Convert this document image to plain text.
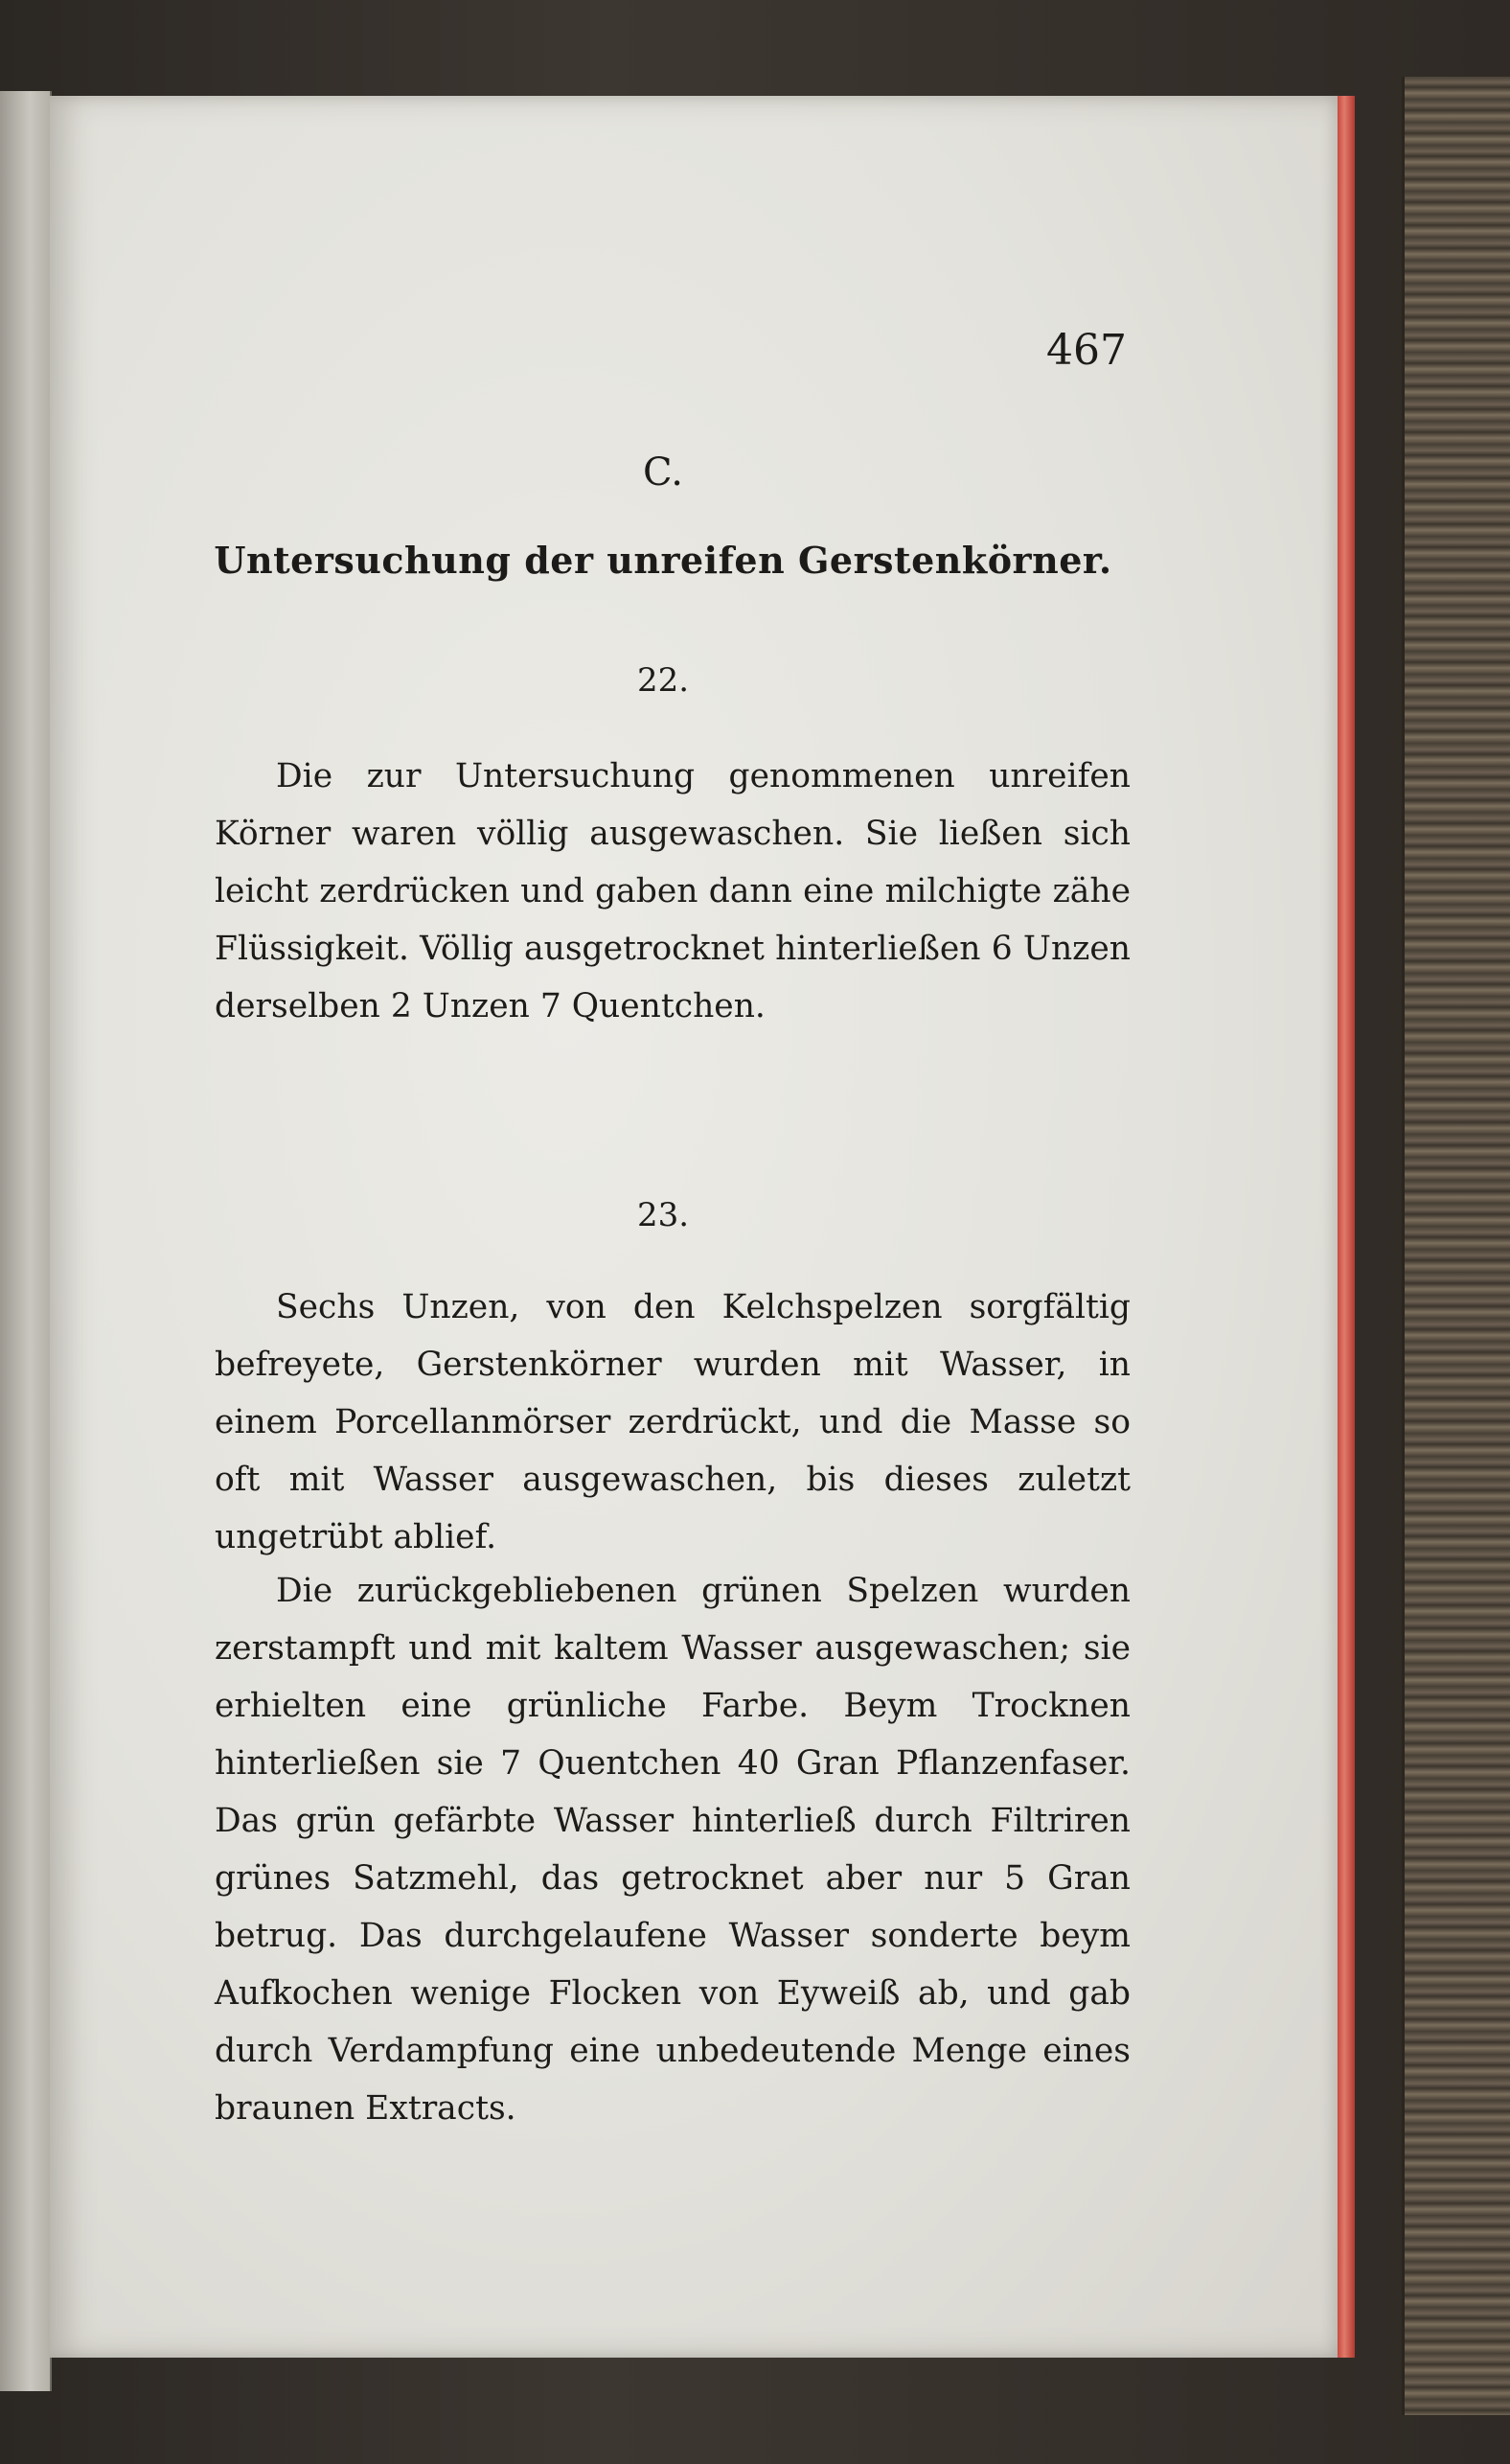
467
C.
Untersuchung der unreifen Gerstenkörner.
22.

Die zur Untersuchung genommenen unreifen Körner waren völlig ausgewaschen. Sie ließen sich leicht zerdrücken und gaben dann eine milchigte zähe Flüssigkeit. Völlig ausgetrocknet hinterließen 6 Unzen derselben 2 Unzen 7 Quentchen.

23.

Sechs Unzen, von den Kelchspelzen sorgfältig befreyete, Gerstenkörner wurden mit Wasser, in einem Porcellanmörser zerdrückt, und die Masse so oft mit Wasser ausgewaschen, bis dieses zuletzt ungetrübt ablief.

Die zurückgebliebenen grünen Spelzen wurden zerstampft und mit kaltem Wasser ausgewaschen; sie erhielten eine grünliche Farbe. Beym Trocknen hinterließen sie 7 Quentchen 40 Gran Pflanzenfaser. Das grün gefärbte Wasser hinterließ durch Filtriren grünes Satzmehl, das getrocknet aber nur 5 Gran betrug. Das durchgelaufene Wasser sonderte beym Aufkochen wenige Flocken von Eyweiß ab, und gab durch Verdampfung eine unbedeutende Menge eines braunen Extracts.
